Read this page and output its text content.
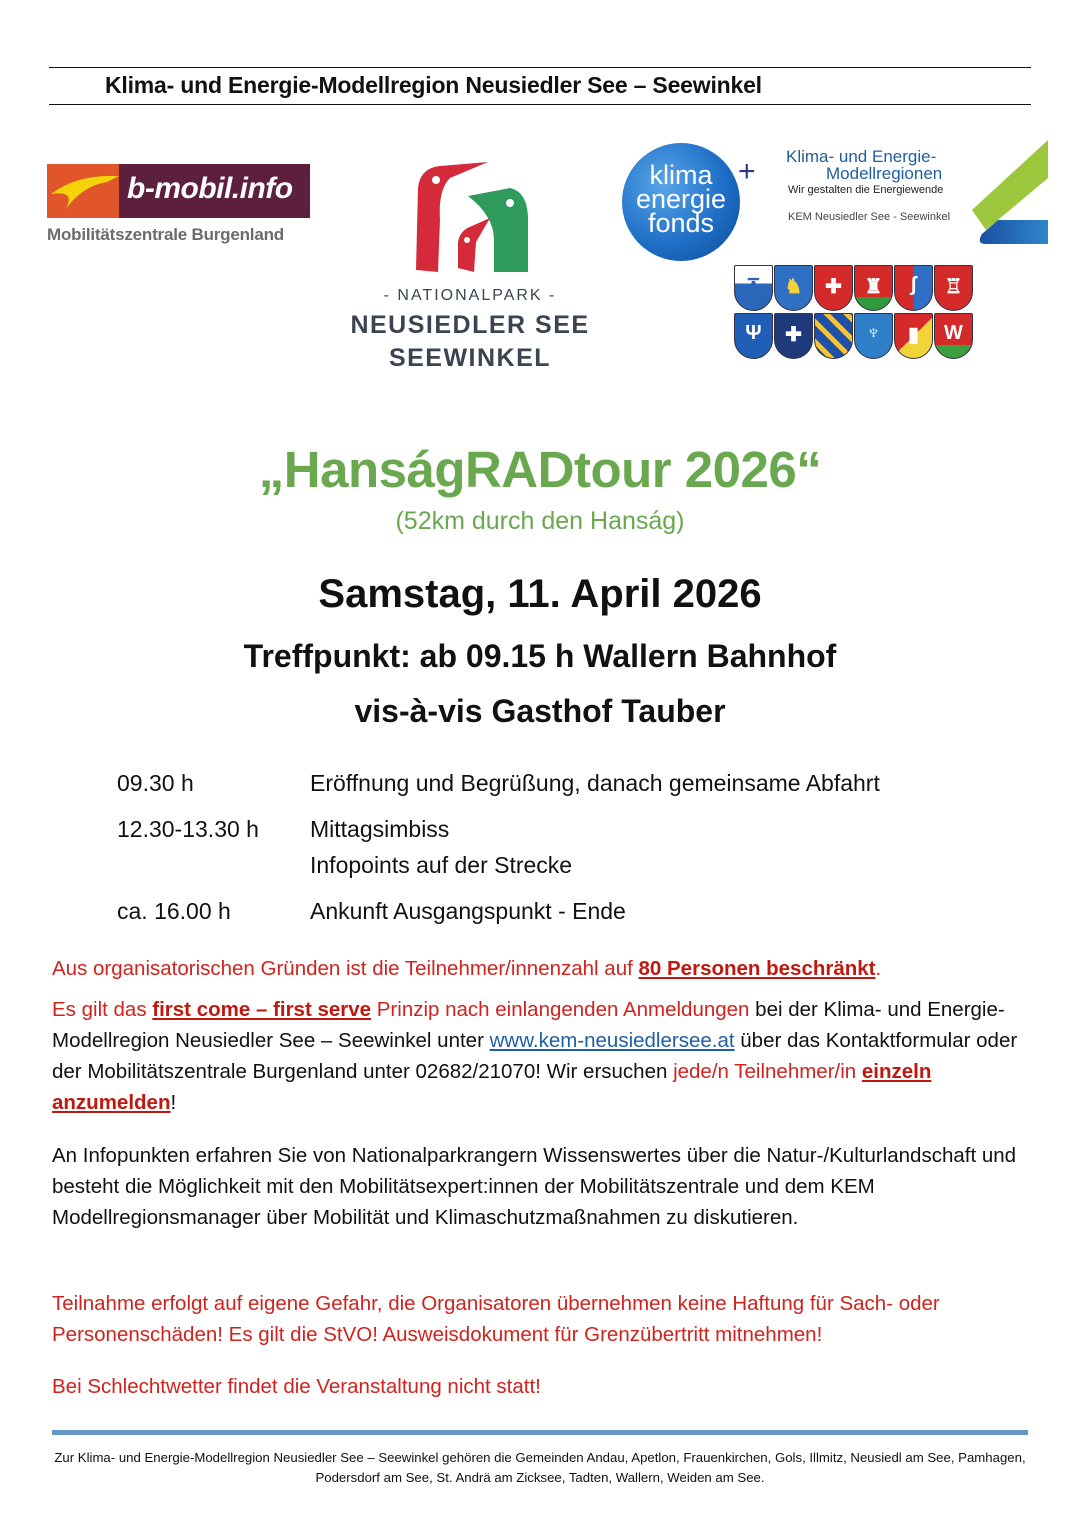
Klima- und Energie-Modellregion Neusiedler See – Seewinkel
b-mobil.info
Mobilitätszentrale Burgenland
- NATIONALPARK -
NEUSIEDLER SEE
SEEWINKEL
klima
energie
fonds
+ Klima- und Energie-
Modellregionen
Wir gestalten die Energiewende
KEM Neusiedler See - Seewinkel
⊼	♞	✚	♜	ʃ	♖
Ψ	✚	♆	▮	W
„HanságRADtour 2026“
(52km durch den Hanság)
Samstag, 11. April 2026
Treffpunkt: ab 09.15 h Wallern Bahnhof
vis-à-vis Gasthof Tauber
09.30 h	Eröffnung und Begrüßung, danach gemeinsame Abfahrt
12.30-13.30 h Mittagsimbiss
Infopoints auf der Strecke
ca. 16.00 h	Ankunft Ausgangspunkt - Ende
Aus organisatorischen Gründen ist die Teilnehmer/innenzahl auf 80 Personen beschränkt.
Es gilt das first come – first serve Prinzip nach einlangenden Anmeldungen bei der Klima- und Energie-Modellregion Neusiedler See – Seewinkel unter www.kem-neusiedlersee.at über das Kontaktformular oder der Mobilitätszentrale Burgenland unter 02682/21070! Wir ersuchen jede/n Teilnehmer/in einzeln anzumelden!
An Infopunkten erfahren Sie von Nationalparkrangern Wissenswertes über die Natur-/Kulturlandschaft und besteht die Möglichkeit mit den Mobilitätsexpert:innen der Mobilitätszentrale und dem KEM Modellregionsmanager über Mobilität und Klimaschutzmaßnahmen zu diskutieren.
Teilnahme erfolgt auf eigene Gefahr, die Organisatoren übernehmen keine Haftung für Sach- oder Personenschäden! Es gilt die StVO! Ausweisdokument für Grenzübertritt mitnehmen!
Bei Schlechtwetter findet die Veranstaltung nicht statt!
Zur Klima- und Energie-Modellregion Neusiedler See – Seewinkel gehören die Gemeinden Andau, Apetlon, Frauenkirchen, Gols, Illmitz, Neusiedl am See, Pamhagen, Podersdorf am See, St. Andrä am Zicksee, Tadten, Wallern, Weiden am See.
